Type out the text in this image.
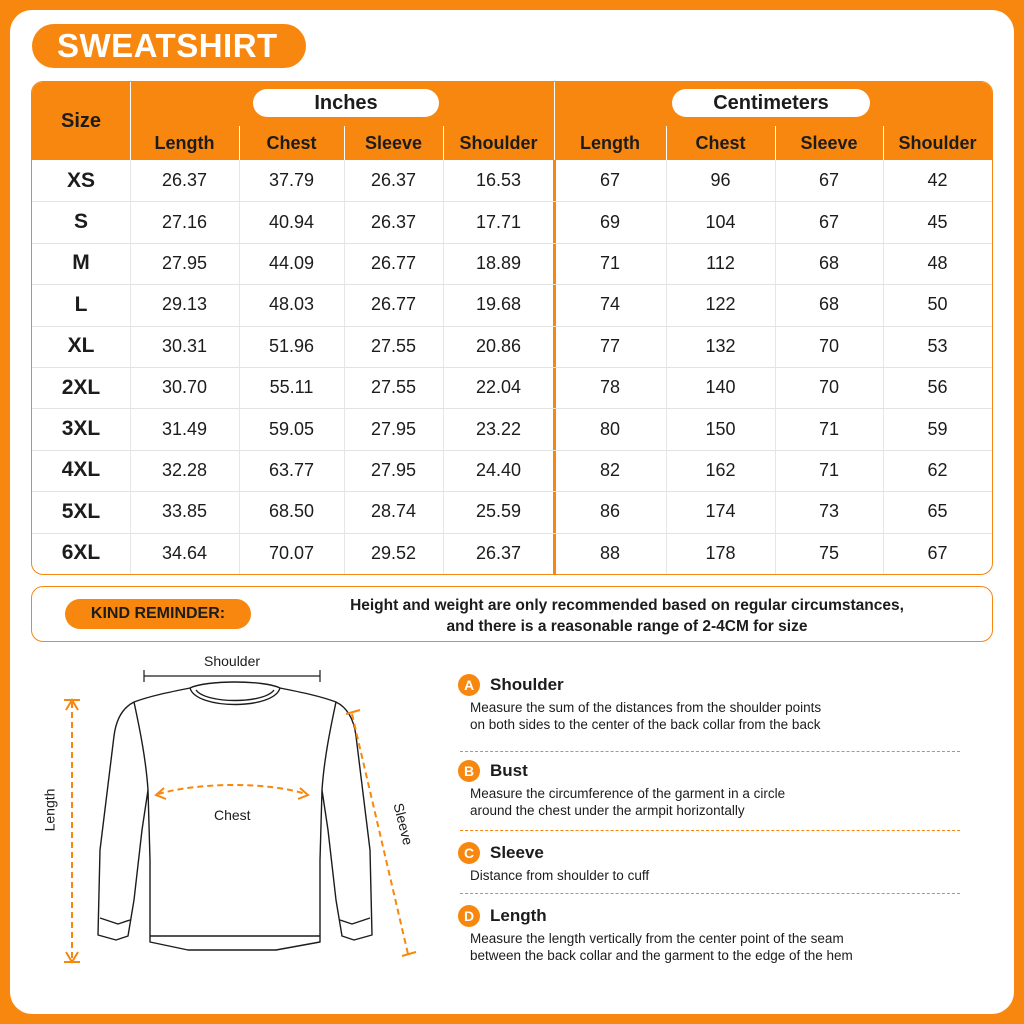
SWEATSHIRT
Size
Inches	Centimeters
Length	Chest	Sleeve	Shoulder	Length	Chest	Sleeve	Shoulder
XS	26.37	37.79	26.37	16.53	67	96	67	42
S	27.16	40.94	26.37	17.71	69	104	67	45
M	27.95	44.09	26.77	18.89	71	112	68	48
L	29.13	48.03	26.77	19.68	74	122	68	50
XL	30.31	51.96	27.55	20.86	77	132	70	53
2XL	30.70	55.11	27.55	22.04	78	140	70	56
3XL	31.49	59.05	27.95	23.22	80	150	71	59
4XL	32.28	63.77	27.95	24.40	82	162	71	62
5XL	33.85	68.50	28.74	25.59	86	174	73	65
6XL	34.64	70.07	29.52	26.37	88	178	75	67
KIND REMINDER:	Height and weight are only recommended based on regular circumstances,
and there is a reasonable range of 2-4CM for size
Shoulder
Chest
Length	Sleeve
A Shoulder
Measure the sum of the distances from the shoulder points
on both sides to the center of the back collar from the back
B Bust
Measure the circumference of the garment in a circle
around the chest under the armpit horizontally
C Sleeve
Distance from shoulder to cuff
D Length
Measure the length vertically from the center point of the seam
between the back collar and the garment to the edge of the hem
